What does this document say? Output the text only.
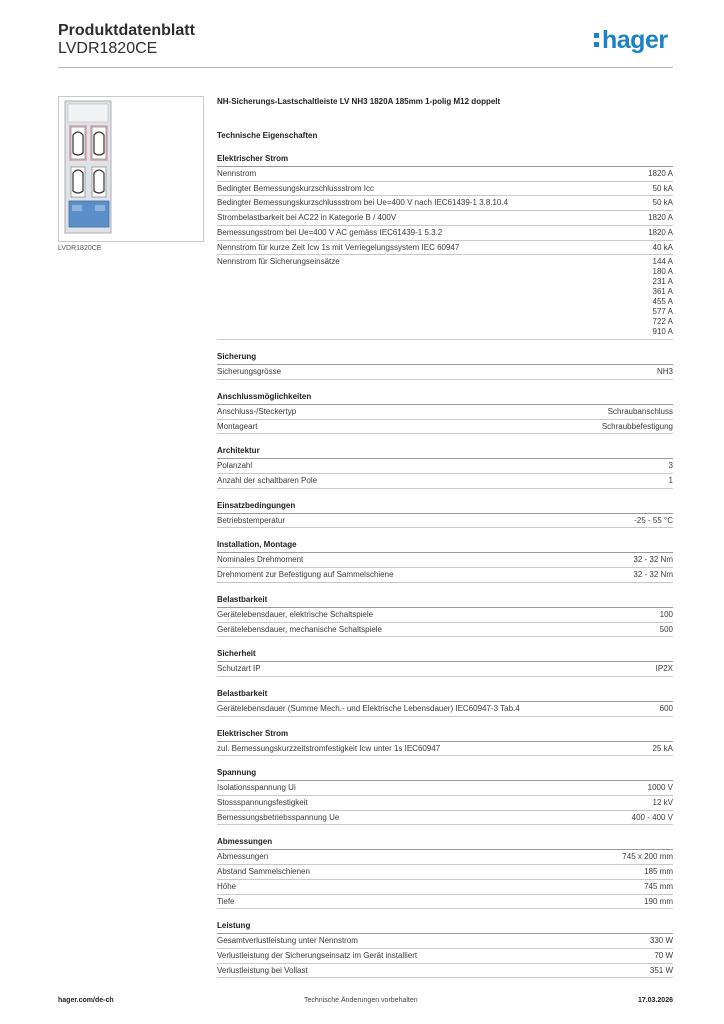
Produktdatenblatt
LVDR1820CE	hager
LVDR1820CE
NH-Sicherungs-Lastschaltleiste LV NH3 1820A 185mm 1-polig M12 doppelt
Technische Eigenschaften
Elektrischer Strom
Nennstrom	1820 A
Bedingter Bemessungskurzschlussstrom Icc	50 kA
Bedingter Bemessungskurzschlussstrom bei Ue=400 V nach IEC61439-1 3.8.10.4	50 kA
Strombelastbarkeit bei AC22 in Kategorie B / 400V	1820 A
Bemessungsstrom bei Ue=400 V AC gemäss IEC61439-1 5.3.2	1820 A
Nennstrom für kurze Zeit Icw 1s mit Verriegelungssystem IEC 60947	40 kA
Nennstrom für Sicherungseinsätze	144 A
180 A
231 A
361 A
455 A
577 A
722 A
910 A
Sicherung
Sicherungsgrösse	NH3
Anschlussmöglichkeiten
Anschluss-/Steckertyp	Schraubanschluss
Montageart	Schraubbefestigung
Architektur
Polanzahl	3
Anzahl der schaltbaren Pole	1
Einsatzbedingungen
Betriebstemperatur	-25 - 55 °C
Installation, Montage
Nominales Drehmoment	32 - 32 Nm
Drehmoment zur Befestigung auf Sammelschiene	32 - 32 Nm
Belastbarkeit
Gerätelebensdauer, elektrische Schaltspiele	100
Gerätelebensdauer, mechanische Schaltspiele	500
Sicherheit
Schutzart IP	IP2X
Belastbarkeit
Gerätelebensdauer (Summe Mech.- und Elektrische Lebensdauer) IEC60947-3 Tab.4	600
Elektrischer Strom
zul. Bemessungskurzzeitstromfestigkeit Icw unter 1s IEC60947	25 kA
Spannung
Isolationsspannung Ui	1000 V
Stossspannungsfestigkeit	12 kV
Bemessungsbetriebsspannung Ue	400 - 400 V
Abmessungen
Abmessungen	745 x 200 mm
Abstand Sammelschienen	185 mm
Höhe	745 mm
Tiefe	190 mm
Leistung
Gesamtverlustleistung unter Nennstrom	330 W
Verlustleistung der Sicherungseinsatz im Gerät installiert	70 W
Verlustleistung bei Vollast	351 W
hager.com/de-ch	Technische Änderungen vorbehalten	17.03.2026
